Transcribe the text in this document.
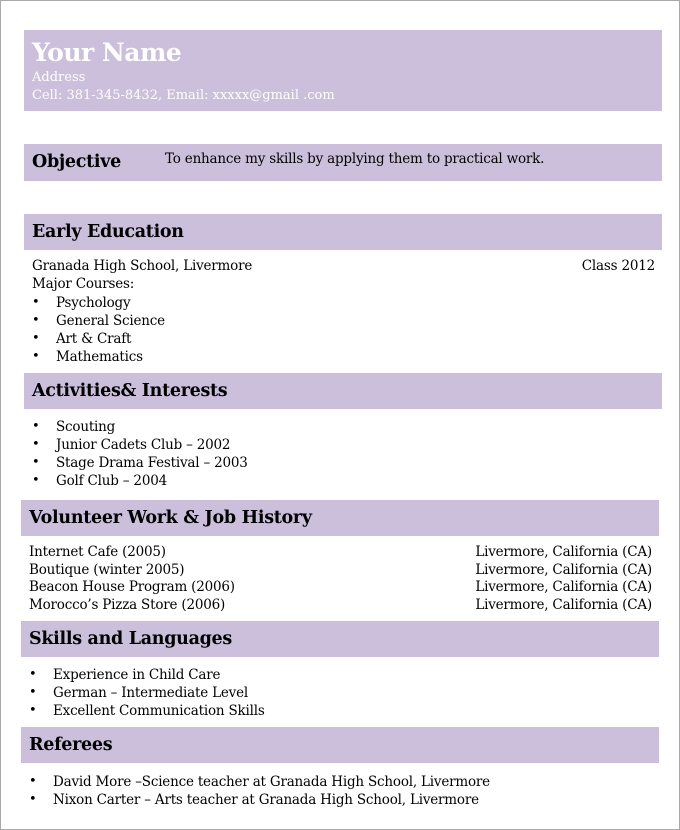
Your Name
Address
Cell: 381-345-8432, Email: xxxxx@gmail .com
Objective	To enhance my skills by applying them to practical work.
Early Education
Granada High School, Livermore	Class 2012
Major Courses:
• Psychology
• General Science
• Art & Craft
• Mathematics
Activities& Interests
• Scouting
• Junior Cadets Club – 2002
• Stage Drama Festival – 2003
• Golf Club – 2004
Volunteer Work & Job History
Internet Cafe (2005)	Livermore, California (CA)
Boutique (winter 2005)	Livermore, California (CA)
Beacon House Program (2006)	Livermore, California (CA)
Morocco’s Pizza Store (2006)	Livermore, California (CA)
Skills and Languages
• Experience in Child Care
• German – Intermediate Level
• Excellent Communication Skills
Referees
• David More –Science teacher at Granada High School, Livermore
• Nixon Carter – Arts teacher at Granada High School, Livermore
